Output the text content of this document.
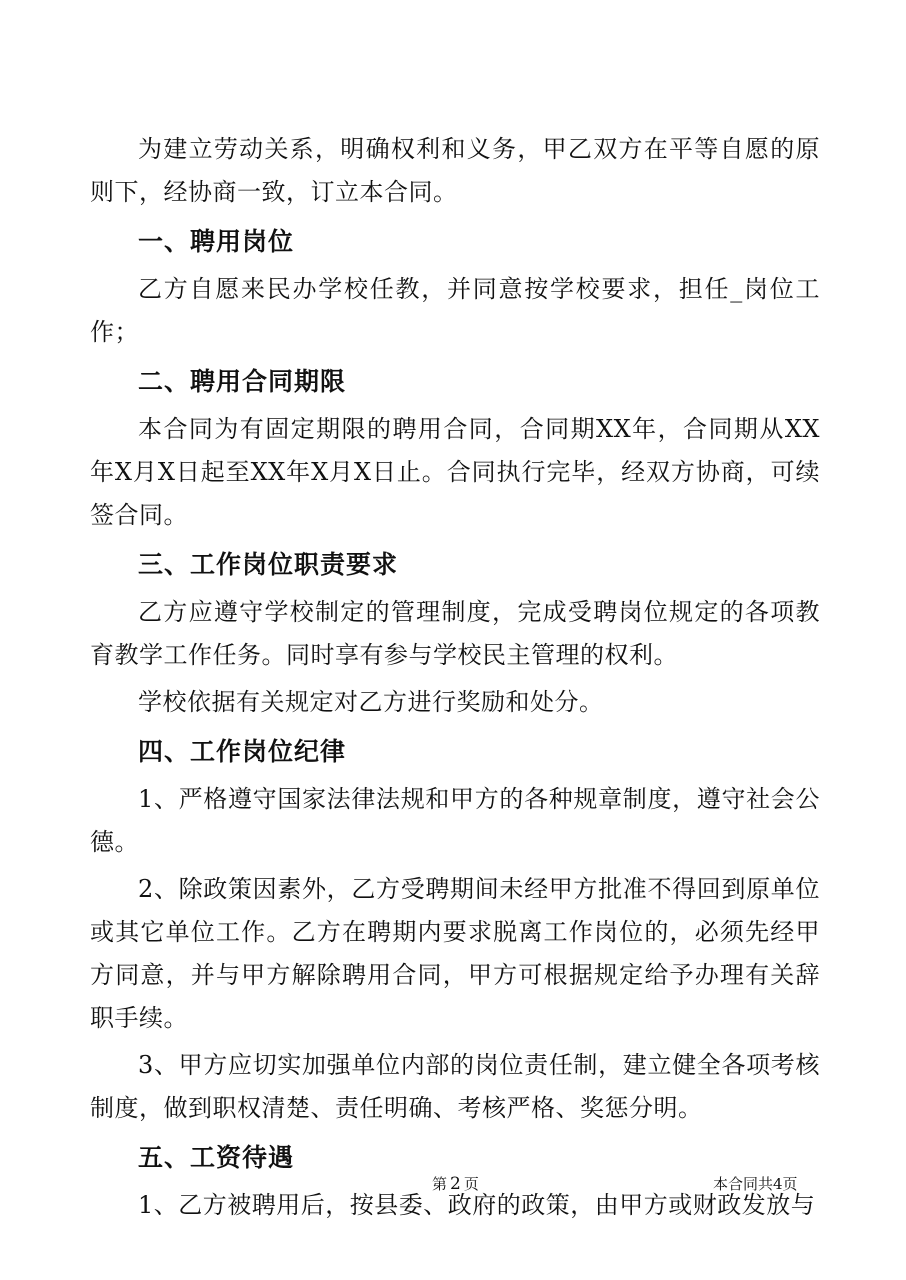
为建立劳动关系，明确权利和义务，甲乙双方在平等自愿的原则下，经协商一致，订立本合同。

一、聘用岗位

乙方自愿来民办学校任教，并同意按学校要求，担任_岗位工作；

二、聘用合同期限

本合同为有固定期限的聘用合同，合同期XX年，合同期从XX年X月X日起至XX年X月X日止。合同执行完毕，经双方协商，可续签合同。

三、工作岗位职责要求

乙方应遵守学校制定的管理制度，完成受聘岗位规定的各项教育教学工作任务。同时享有参与学校民主管理的权利。

学校依据有关规定对乙方进行奖励和处分。

四、工作岗位纪律

1、严格遵守国家法律法规和甲方的各种规章制度，遵守社会公德。

2、除政策因素外，乙方受聘期间未经甲方批准不得回到原单位或其它单位工作。乙方在聘期内要求脱离工作岗位的，必须先经甲方同意，并与甲方解除聘用合同，甲方可根据规定给予办理有关辞职手续。

3、甲方应切实加强单位内部的岗位责任制，建立健全各项考核制度，做到职权清楚、责任明确、考核严格、奖惩分明。

五、工资待遇

1、乙方被聘用后，按县委、政府的政策，由甲方或财政发放与

第 2 页	本合同共4页
